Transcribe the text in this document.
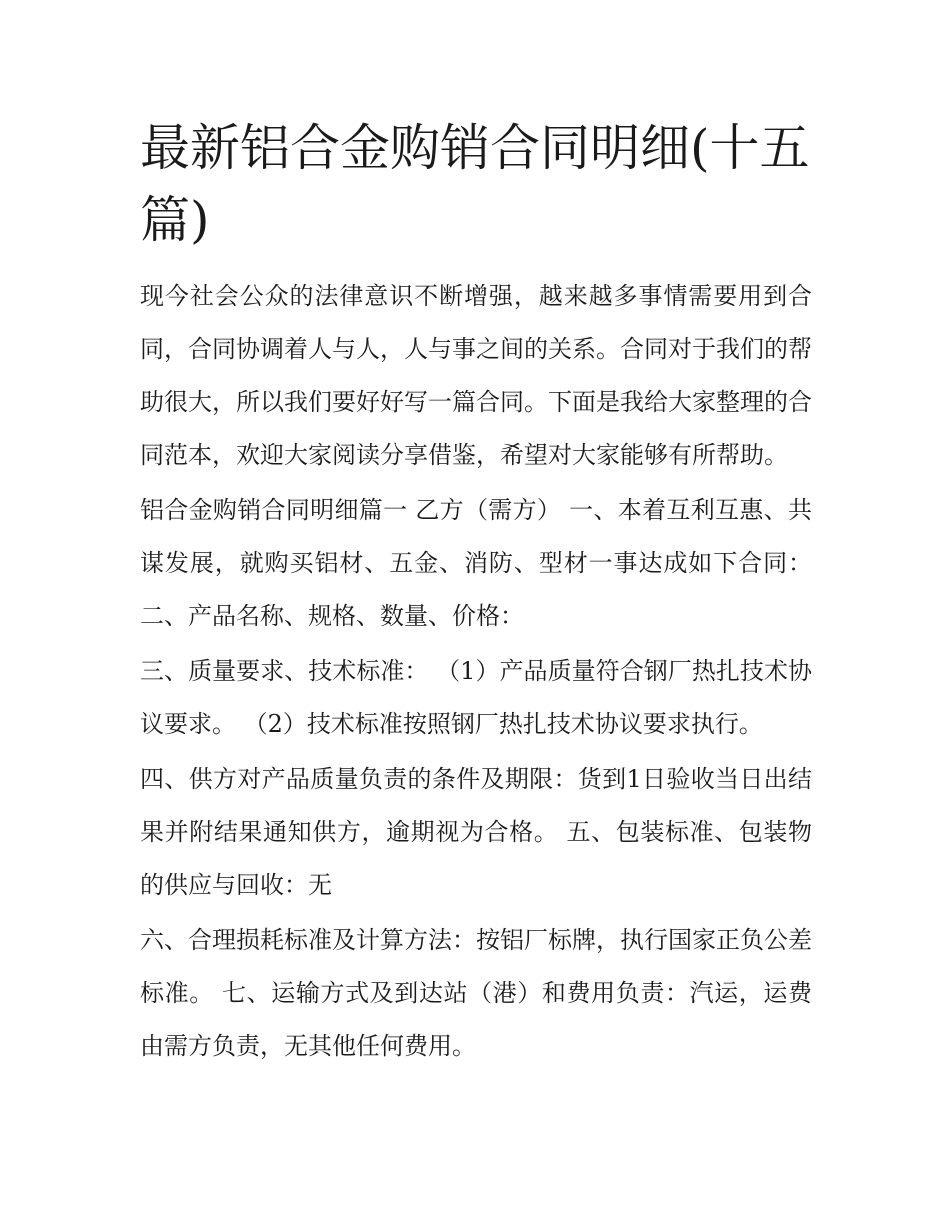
最新铝合金购销合同明细(十五篇)

现今社会公众的法律意识不断增强，越来越多事情需要用到合同，合同协调着人与人，人与事之间的关系。合同对于我们的帮助很大，所以我们要好好写一篇合同。下面是我给大家整理的合同范本，欢迎大家阅读分享借鉴，希望对大家能够有所帮助。

铝合金购销合同明细篇一 乙方（需方） 一、本着互利互惠、共谋发展，就购买铝材、五金、消防、型材一事达成如下合同： 二、产品名称、规格、数量、价格：

三、质量要求、技术标准： （1）产品质量符合钢厂热扎技术协议要求。 （2）技术标准按照钢厂热扎技术协议要求执行。

四、供方对产品质量负责的条件及期限：货到1日验收当日出结果并附结果通知供方，逾期视为合格。 五、包装标准、包装物的供应与回收：无

六、合理损耗标准及计算方法：按铝厂标牌，执行国家正负公差标准。 七、运输方式及到达站（港）和费用负责：汽运，运费由需方负责，无其他任何费用。
